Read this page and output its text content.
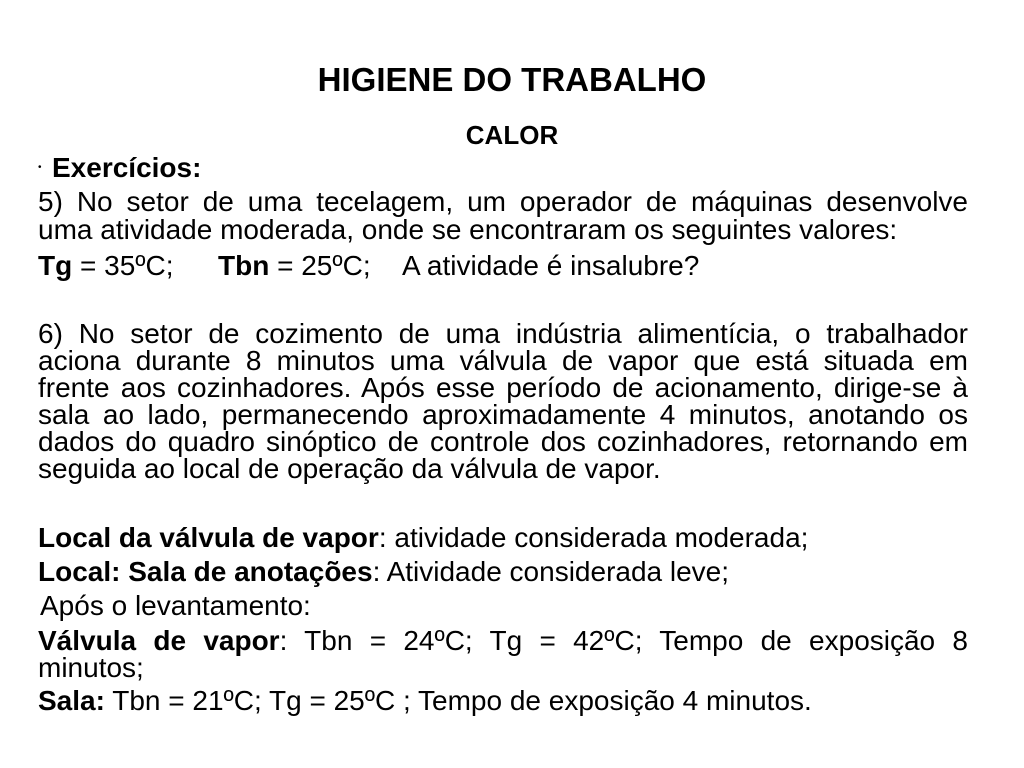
HIGIENE DO TRABALHO
CALOR
• Exercícios:
5) No setor de uma tecelagem, um operador de máquinas desenvolve
uma atividade moderada, onde se encontraram os seguintes valores:
Tg = 35ºC; Tbn = 25ºC; A atividade é insalubre?
6) No setor de cozimento de uma indústria alimentícia, o trabalhador
aciona durante 8 minutos uma válvula de vapor que está situada em
frente aos cozinhadores. Após esse período de acionamento, dirige-se à
sala ao lado, permanecendo aproximadamente 4 minutos, anotando os
dados do quadro sinóptico de controle dos cozinhadores, retornando em
seguida ao local de operação da válvula de vapor.
Local da válvula de vapor: atividade considerada moderada;
Local: Sala de anotações: Atividade considerada leve;
Após o levantamento:
Válvula de vapor: Tbn = 24ºC; Tg = 42ºC; Tempo de exposição 8
minutos;
Sala: Tbn = 21ºC; Tg = 25ºC ; Tempo de exposição 4 minutos.
